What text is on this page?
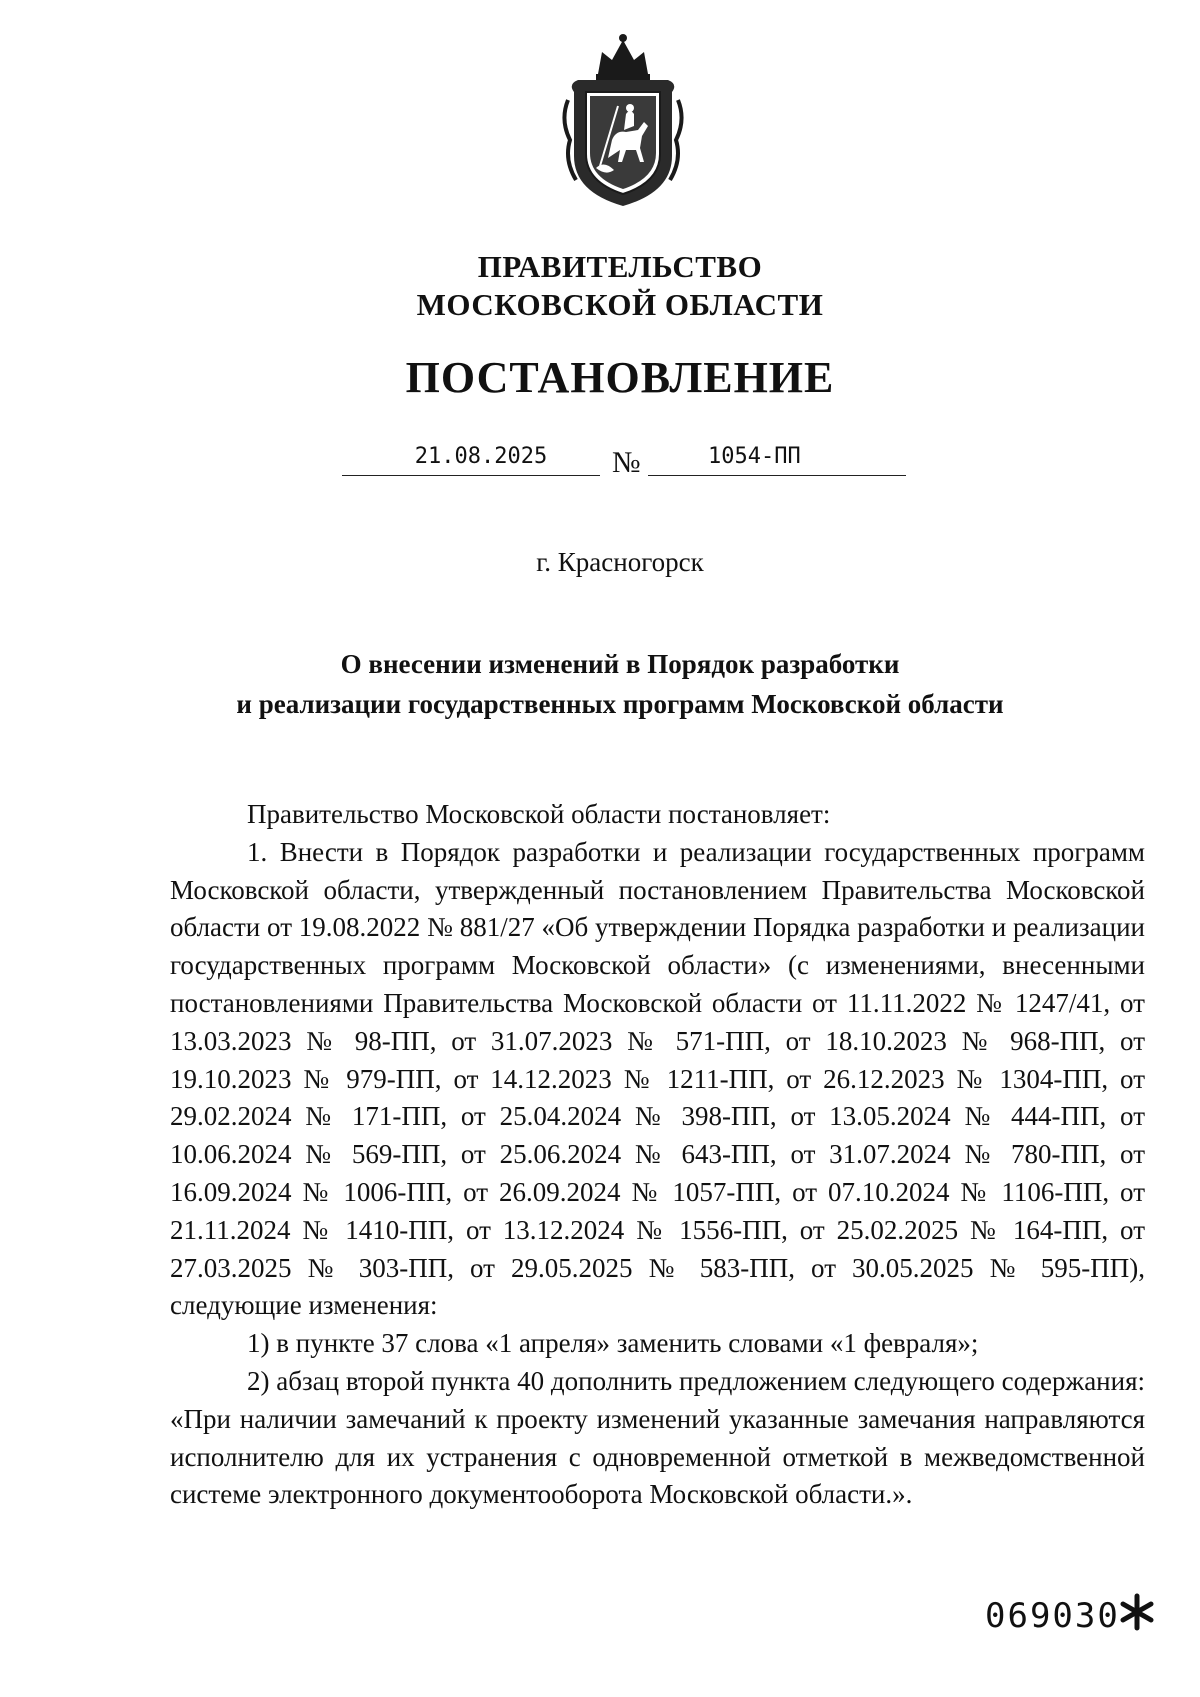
ПРАВИТЕЛЬСТВО
МОСКОВСКОЙ ОБЛАСТИ
ПОСТАНОВЛЕНИЕ
21.08.2025	№	1054-ПП
г. Красногорск
О внесении изменений в Порядок разработки
и реализации государственных программ Московской области

Правительство Московской области постановляет:

1. Внести в Порядок разработки и реализации государственных программ Московской области, утвержденный постановлением Правительства Московской области от 19.08.2022 № 881/27 «Об утверждении Порядка разработки и реализации государственных программ Московской области» (с изменениями, внесенными постановлениями Правительства Московской области от 11.11.2022 № 1247/41, от 13.03.2023 № 98-ПП, от 31.07.2023 № 571-ПП, от 18.10.2023 № 968-ПП, от 19.10.2023 № 979-ПП, от 14.12.2023 № 1211-ПП, от 26.12.2023 № 1304-ПП, от 29.02.2024 № 171-ПП, от 25.04.2024 № 398-ПП, от 13.05.2024 № 444-ПП, от 10.06.2024 № 569-ПП, от 25.06.2024 № 643-ПП, от 31.07.2024 № 780-ПП, от 16.09.2024 № 1006-ПП, от 26.09.2024 № 1057-ПП, от 07.10.2024 № 1106-ПП, от 21.11.2024 № 1410-ПП, от 13.12.2024 № 1556-ПП, от 25.02.2025 № 164-ПП, от 27.03.2025 № 303-ПП, от 29.05.2025 № 583-ПП, от 30.05.2025 № 595-ПП), следующие изменения:

1) в пункте 37 слова «1 апреля» заменить словами «1 февраля»;

2) абзац второй пункта 40 дополнить предложением следующего содержания: «При наличии замечаний к проекту изменений указанные замечания направляются исполнителю для их устранения с одновременной отметкой в межведомственной системе электронного документооборота Московской области.».

069030
